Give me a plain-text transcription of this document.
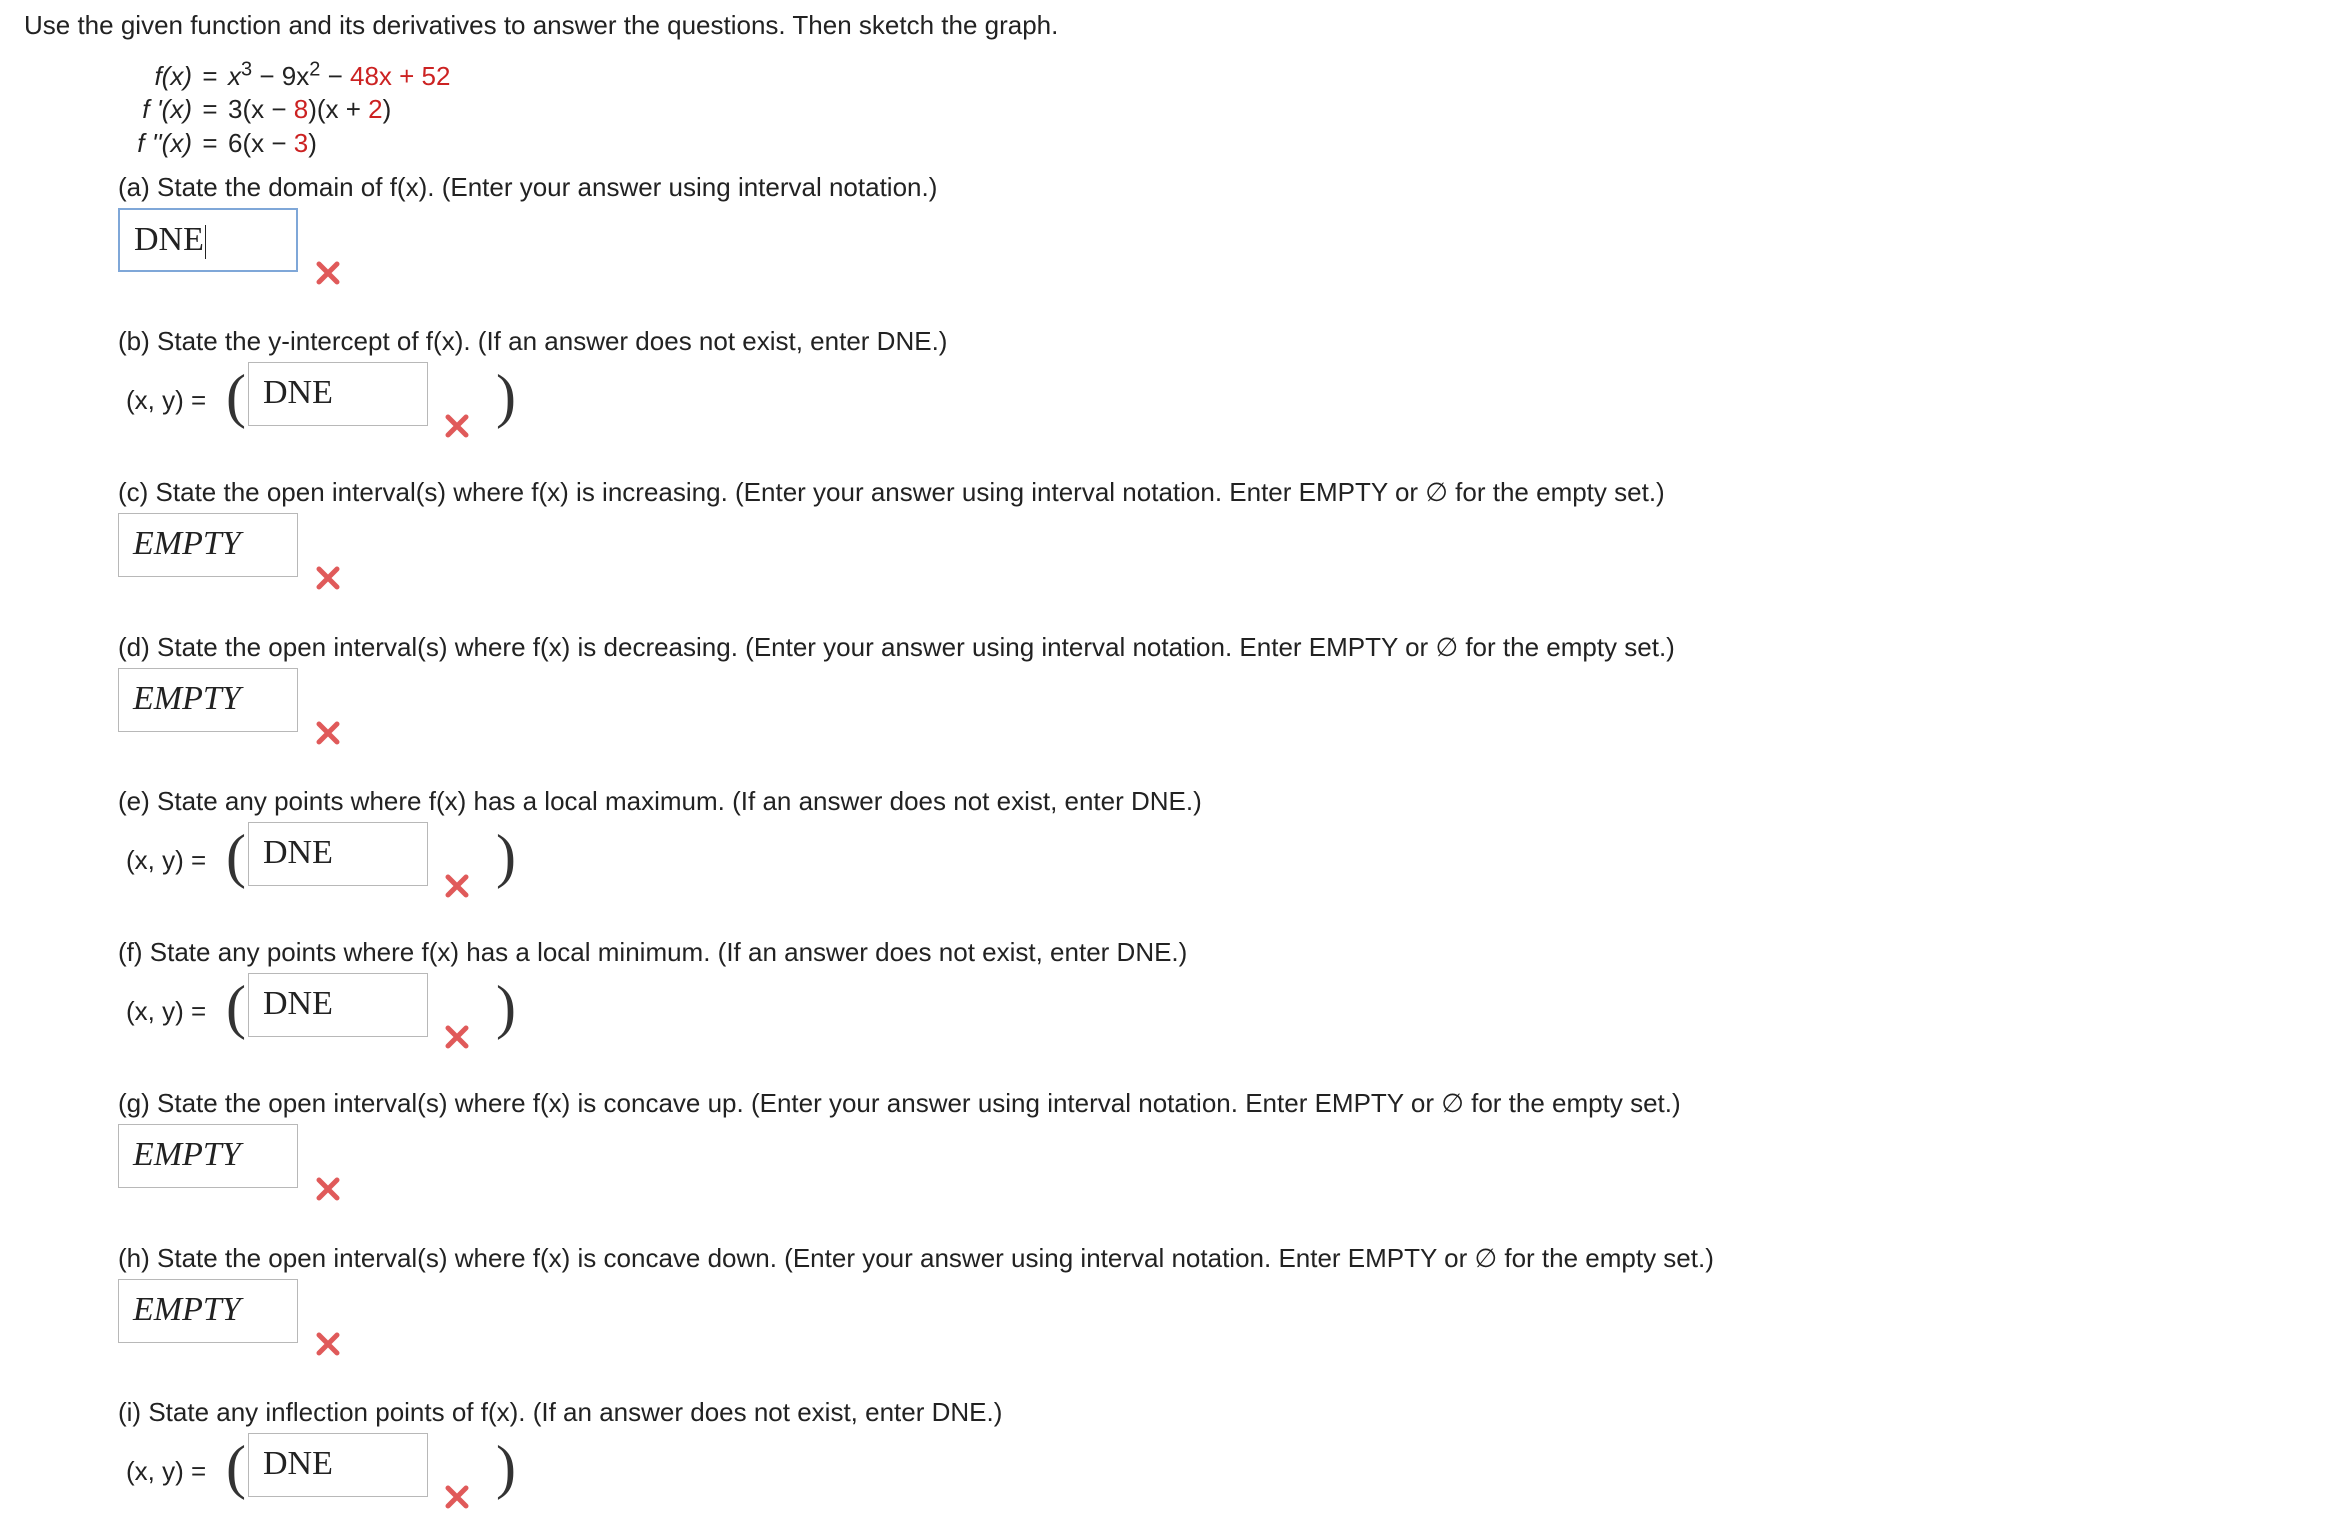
Use the given function and its derivatives to answer the questions. Then sketch the graph.
$f(x) = x^3 - 9x^2 - 48x + 52$
f '(x) = 3(x − 8)(x + 2)
f ''(x) = 6(x − 3)
(a) State the domain of f(x). (Enter your answer using interval notation.)
DNE
(b) State the y-intercept of f(x). (If an answer does not exist, enter DNE.)
(x, y) = ( DNE	)
(c) State the open interval(s) where f(x) is increasing. (Enter your answer using interval notation. Enter EMPTY or ∅ for the empty set.)
EMPTY
(d) State the open interval(s) where f(x) is decreasing. (Enter your answer using interval notation. Enter EMPTY or ∅ for the empty set.)
EMPTY
(e) State any points where f(x) has a local maximum. (If an answer does not exist, enter DNE.)
(x, y) = ( DNE	)
(f) State any points where f(x) has a local minimum. (If an answer does not exist, enter DNE.)
(x, y) = ( DNE	)
(g) State the open interval(s) where f(x) is concave up. (Enter your answer using interval notation. Enter EMPTY or ∅ for the empty set.)
EMPTY
(h) State the open interval(s) where f(x) is concave down. (Enter your answer using interval notation. Enter EMPTY or ∅ for the empty set.)
EMPTY
(i) State any inflection points of f(x). (If an answer does not exist, enter DNE.)
(x, y) = ( DNE	)
